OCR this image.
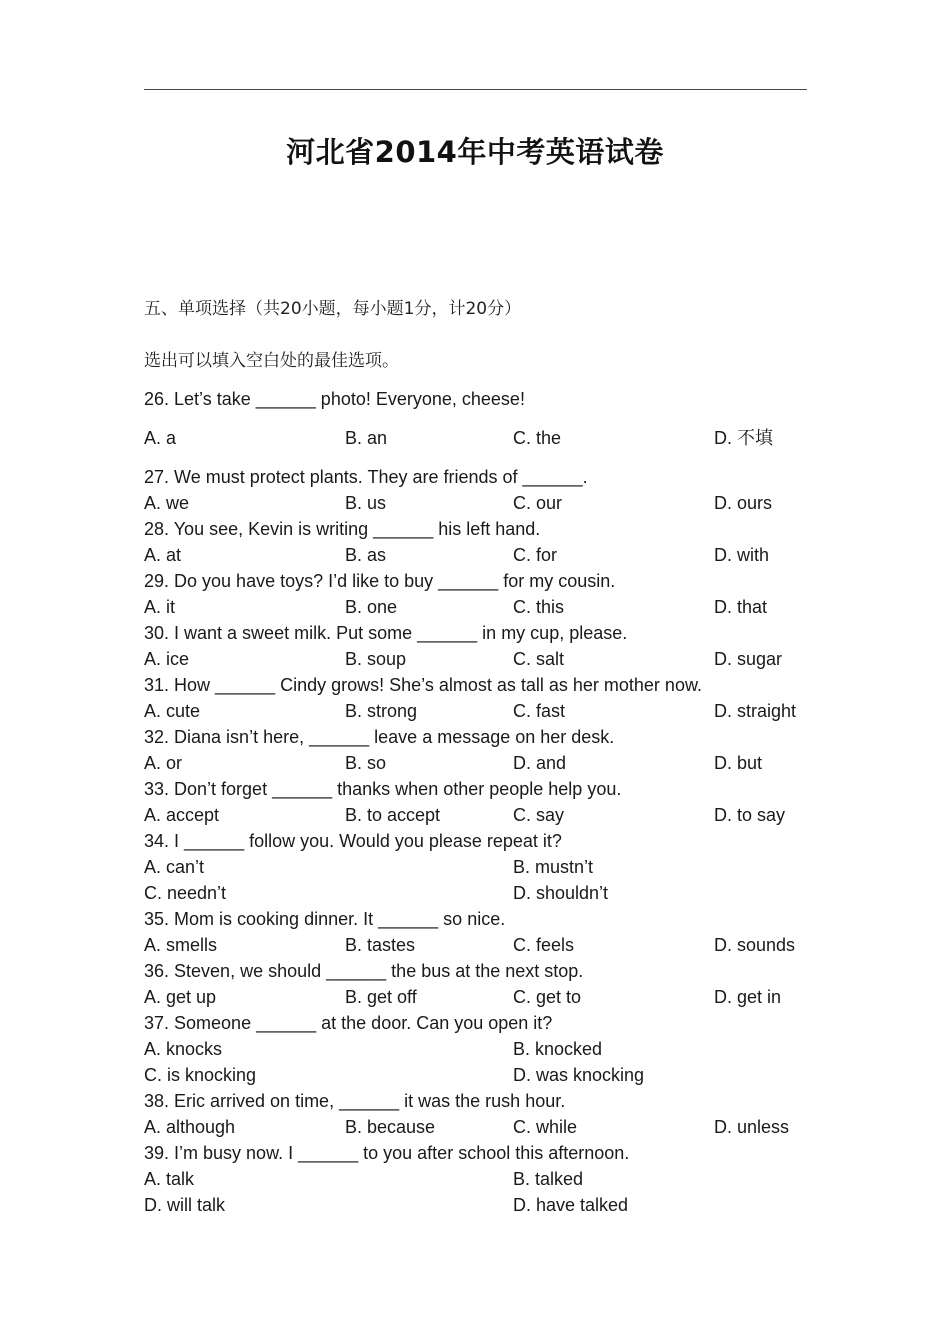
河北省2014年中考英语试卷
五、单项选择（共20小题，每小题1分，计20分）
选出可以填入空白处的最佳选项。
26. Let’s take ______ photo! Everyone, cheese!
A. a	B. an	C. the	D. 不填
27. We must protect plants. They are friends of ______.
A. we	B. us	C. our	D. ours
28. You see, Kevin is writing ______ his left hand.
A. at	B. as	C. for	D. with
29. Do you have toys? I’d like to buy ______ for my cousin.
A. it	B. one	C. this	D. that
30. I want a sweet milk. Put some ______ in my cup, please.
A. ice	B. soup	C. salt	D. sugar
31. How ______ Cindy grows! She’s almost as tall as her mother now.
A. cute	B. strong	C. fast	D. straight
32. Diana isn’t here, ______ leave a message on her desk.
A. or	B. so	D. and	D. but
33. Don’t forget ______ thanks when other people help you.
A. accept	B. to accept	C. say	D. to say
34. I ______ follow you. Would you please repeat it?
A. can’t	B. mustn’t
C. needn’t	D. shouldn’t
35. Mom is cooking dinner. It ______ so nice.
A. smells	B. tastes	C. feels	D. sounds
36. Steven, we should ______ the bus at the next stop.
A. get up	B. get off	C. get to	D. get in
37. Someone ______ at the door. Can you open it?
A. knocks	B. knocked
C. is knocking	D. was knocking
38. Eric arrived on time, ______ it was the rush hour.
A. although	B. because	C. while	D. unless
39. I’m busy now. I ______ to you after school this afternoon.
A. talk	B. talked
D. will talk	D. have talked
